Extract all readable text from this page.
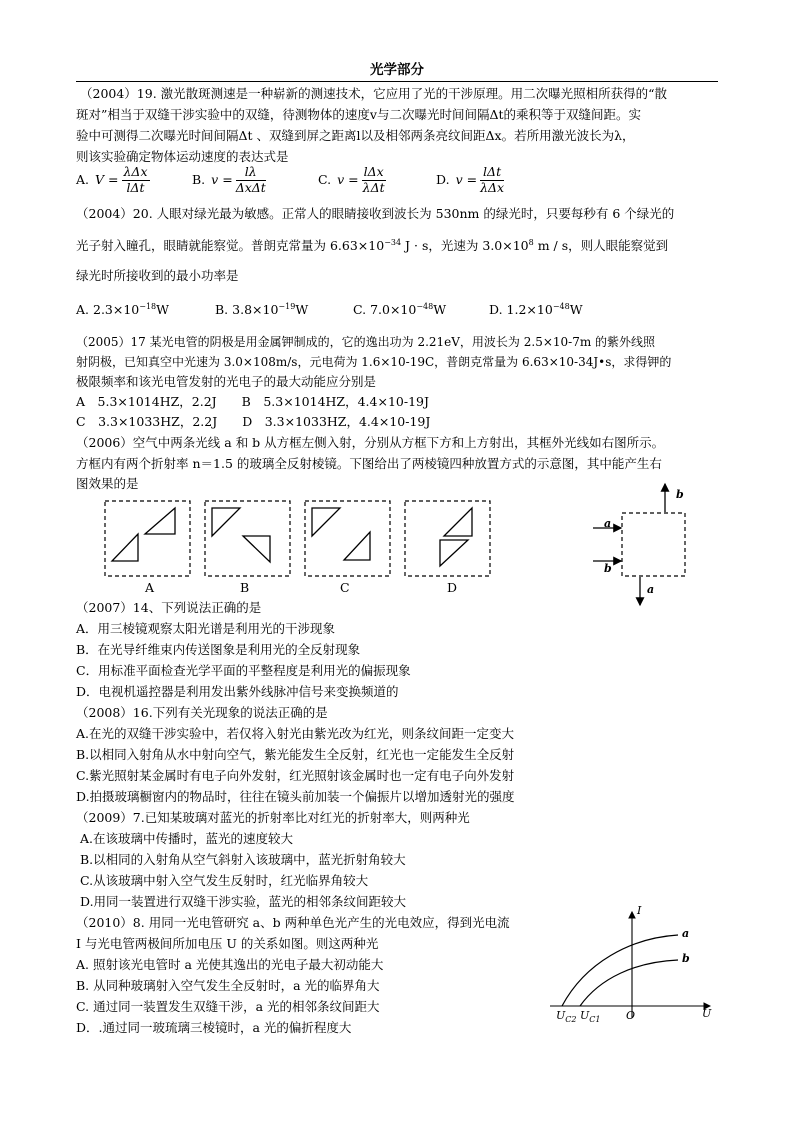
光学部分
（2004）19. 激光散斑测速是一种崭新的测速技术，它应用了光的干涉原理。用二次曝光照相所获得的“散
斑对”相当于双缝干涉实验中的双缝，待测物体的速度v与二次曝光时间间隔Δt的乘积等于双缝间距。实
验中可测得二次曝光时间间隔Δt 、双缝到屏之距离l以及相邻两条亮纹间距Δx。若所用激光波长为λ，
则该实验确定物体运动速度的表达式是
A. $V = \frac{\text{λΔx}}{\text{lΔt}}$	B. $v = \frac{l\lambda}{\text{ΔxΔt}}$	C. $v = \frac{\text{lΔx}}{\text{λΔt}}$	D. $v = \frac{\text{lΔt}}{\text{λΔx}}$
（2004）20. 人眼对绿光最为敏感。正常人的眼睛接收到波长为 530nm 的绿光时，只要每秒有 6 个绿光的
光子射入瞳孔，眼睛就能察觉。普朗克常量为 $6.63\times 10^{-34}$ J · s，光速为 $3.0\times 10^8$ m / s，则人眼能察觉到
绿光时所接收到的最小功率是
A. $2.3\times 10^{-18}W$	B. $3.8\times 10^{-19}W$	C. $7.0\times 10^{-48}W$	D. $1.2\times 10^{-48}W$
（2005）17 某光电管的阴极是用金属钾制成的，它的逸出功为 2.21eV，用波长为 2.5×10-7m 的紫外线照
射阴极，已知真空中光速为 3.0×108m/s，元电荷为 1.6×10-19C，普朗克常量为 6.63×10-34J•s，求得钾的
极限频率和该光电管发射的光电子的最大动能应分别是
A　5.3×1014HZ，2.2J　　B　5.3×1014HZ，4.4×10-19J
C　3.3×1033HZ，2.2J　　D　3.3×1033HZ，4.4×10-19J
（2006）空气中两条光线 a 和 b 从方框左侧入射，分别从方框下方和上方射出，其框外光线如右图所示。
方框内有两个折射率 n＝1.5 的玻璃全反射棱镜。下图给出了两棱镜四种放置方式的示意图，其中能产生右
图效果的是
A	B	C	D
a
b
b
a
（2007）14、下列说法正确的是
A．用三棱镜观察太阳光谱是利用光的干涉现象
B．在光导纤维束内传送图象是利用光的全反射现象
C．用标准平面检查光学平面的平整程度是利用光的偏振现象
D．电视机遥控器是利用发出紫外线脉冲信号来变换频道的
（2008）16.下列有关光现象的说法正确的是
A.在光的双缝干涉实验中，若仅将入射光由紫光改为红光，则条纹间距一定变大
B.以相同入射角从水中射向空气，紫光能发生全反射，红光也一定能发生全反射
C.紫光照射某金属时有电子向外发射，红光照射该金属时也一定有电子向外发射
D.拍摄玻璃橱窗内的物品时，往往在镜头前加装一个偏振片以增加透射光的强度
（2009）7.已知某玻璃对蓝光的折射率比对红光的折射率大，则两种光
A.在该玻璃中传播时，蓝光的速度较大
B.以相同的入射角从空气斜射入该玻璃中，蓝光折射角较大
C.从该玻璃中射入空气发生反射时，红光临界角较大
D.用同一装置进行双缝干涉实验，蓝光的相邻条纹间距较大
（2010）8. 用同一光电管研究 a、b 两种单色光产生的光电效应，得到光电流
I 与光电管两极间所加电压 U 的关系如图。则这两种光
A. 照射该光电管时 a 光使其逸出的光电子最大初动能大
B. 从同种玻璃射入空气发生全反射时，a 光的临界角大
C. 通过同一装置发生双缝干涉，a 光的相邻条纹间距大
D．.通过同一玻琉璃三棱镜时，a 光的偏折程度大
I
U
O
a
b
$U_{C2}$ $U_{C1}$
